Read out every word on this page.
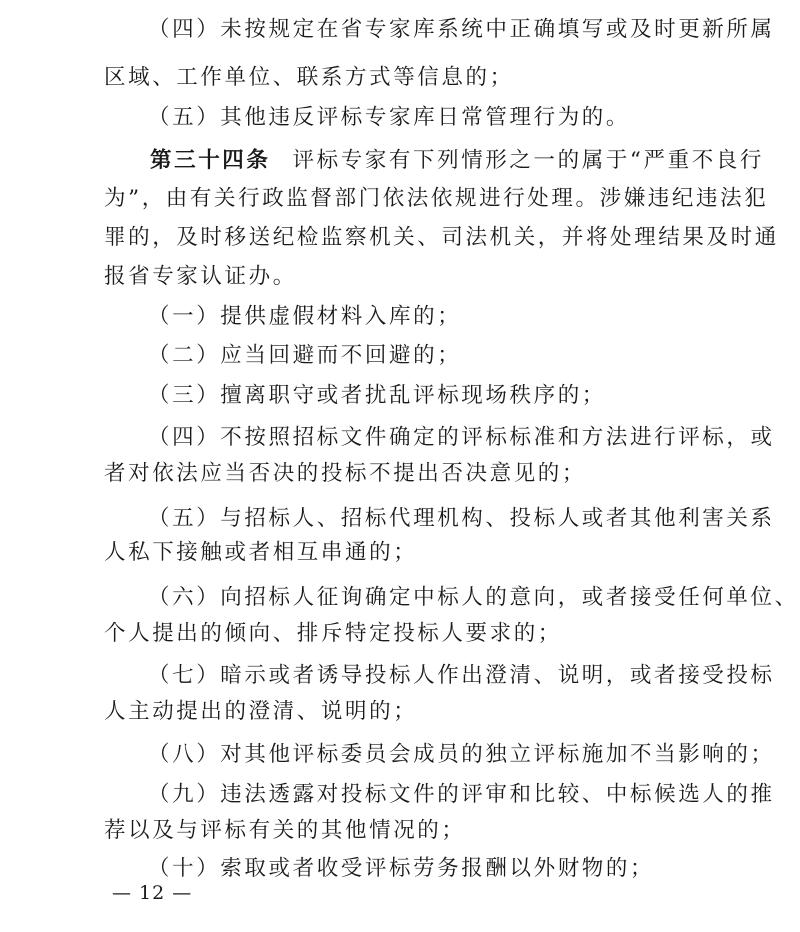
（四）未按规定在省专家库系统中正确填写或及时更新所属
区域、工作单位、联系方式等信息的；
（五）其他违反评标专家库日常管理行为的。
第三十四条 评标专家有下列情形之一的属于“严重不良行
为”，由有关行政监督部门依法依规进行处理。涉嫌违纪违法犯
罪的，及时移送纪检监察机关、司法机关，并将处理结果及时通
报省专家认证办。
（一）提供虚假材料入库的；
（二）应当回避而不回避的；
（三）擅离职守或者扰乱评标现场秩序的；
（四）不按照招标文件确定的评标标准和方法进行评标，或
者对依法应当否决的投标不提出否决意见的；
（五）与招标人、招标代理机构、投标人或者其他利害关系
人私下接触或者相互串通的；
（六）向招标人征询确定中标人的意向，或者接受任何单位、
个人提出的倾向、排斥特定投标人要求的；
（七）暗示或者诱导投标人作出澄清、说明，或者接受投标
人主动提出的澄清、说明的；
（八）对其他评标委员会成员的独立评标施加不当影响的；
（九）违法透露对投标文件的评审和比较、中标候选人的推
荐以及与评标有关的其他情况的；
（十）索取或者收受评标劳务报酬以外财物的；
— 12 —
